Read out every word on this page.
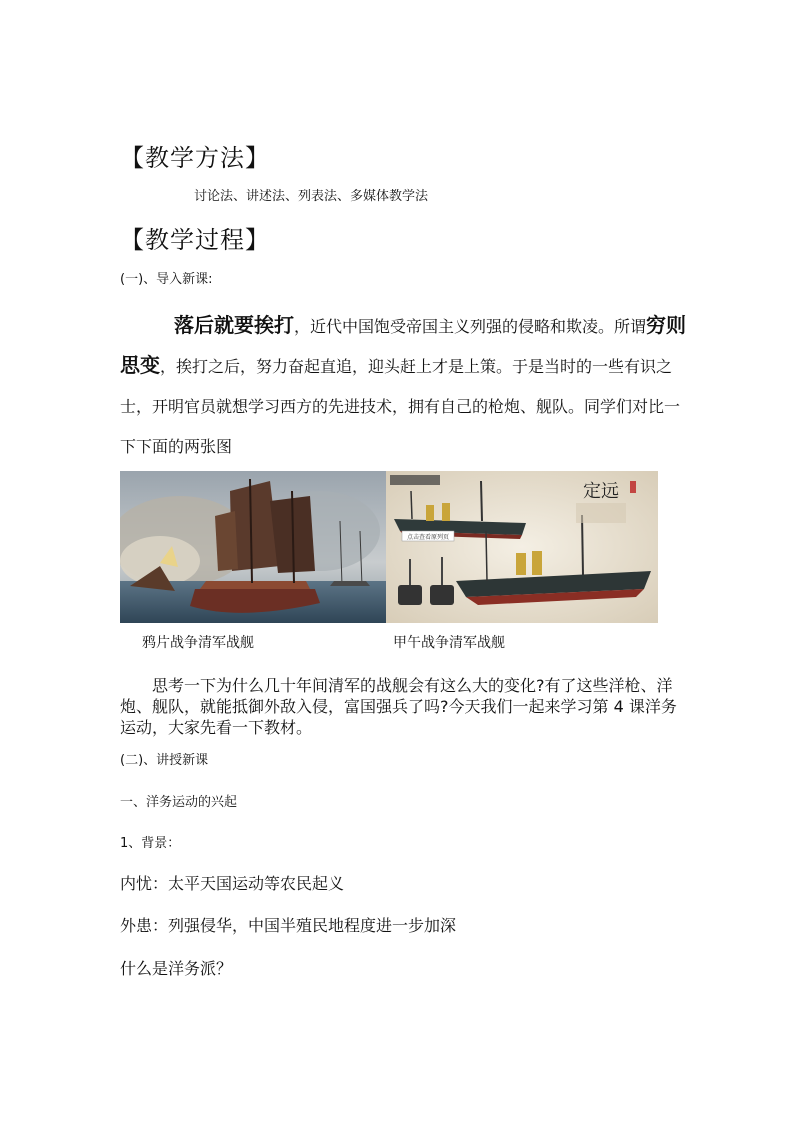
【教学方法】
讨论法、讲述法、列表法、多媒体教学法
【教学过程】
(一)、导入新课:
落后就要挨打，近代中国饱受帝国主义列强的侵略和欺凌。所谓穷则
思变，挨打之后，努力奋起直追，迎头赶上才是上策。于是当时的一些有识之
士，开明官员就想学习西方的先进技术，拥有自己的枪炮、舰队。同学们对比一
下下面的两张图
点击查看原列页
定远
鸦片战争清军战舰	甲午战争清军战舰
思考一下为什么几十年间清军的战舰会有这么大的变化?有了这些洋枪、洋
炮、舰队，就能抵御外敌入侵，富国强兵了吗?今天我们一起来学习第 4 课洋务
运动，大家先看一下教材。
(二)、讲授新课
一、洋务运动的兴起
1、背景：
内忧：太平天国运动等农民起义
外患：列强侵华，中国半殖民地程度进一步加深
什么是洋务派？
